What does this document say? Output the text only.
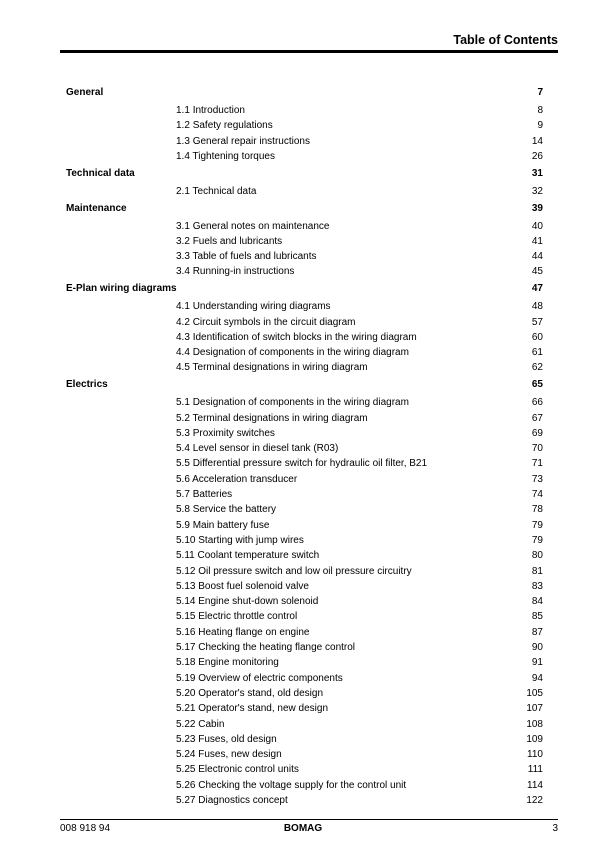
Table of Contents
General	7
1.1 Introduction	8
1.2 Safety regulations	9
1.3 General repair instructions	14
1.4 Tightening torques	26
Technical data	31
2.1 Technical data	32
Maintenance	39
3.1 General notes on maintenance	40
3.2 Fuels and lubricants	41
3.3 Table of fuels and lubricants	44
3.4 Running-in instructions	45
E-Plan wiring diagrams	47
4.1 Understanding wiring diagrams	48
4.2 Circuit symbols in the circuit diagram	57
4.3 Identification of switch blocks in the wiring diagram	60
4.4 Designation of components in the wiring diagram	61
4.5 Terminal designations in wiring diagram	62
Electrics	65
5.1 Designation of components in the wiring diagram	66
5.2 Terminal designations in wiring diagram	67
5.3 Proximity switches	69
5.4 Level sensor in diesel tank (R03)	70
5.5 Differential pressure switch for hydraulic oil filter, B21	71
5.6 Acceleration transducer	73
5.7 Batteries	74
5.8 Service the battery	78
5.9 Main battery fuse	79
5.10 Starting with jump wires	79
5.11 Coolant temperature switch	80
5.12 Oil pressure switch and low oil pressure circuitry	81
5.13 Boost fuel solenoid valve	83
5.14 Engine shut-down solenoid	84
5.15 Electric throttle control	85
5.16 Heating flange on engine	87
5.17 Checking the heating flange control	90
5.18 Engine monitoring	91
5.19 Overview of electric components	94
5.20 Operator's stand, old design	105
5.21 Operator's stand, new design	107
5.22 Cabin	108
5.23 Fuses, old design	109
5.24 Fuses, new design	110
5.25 Electronic control units	111
5.26 Checking the voltage supply for the control unit	114
5.27 Diagnostics concept	122
008 918 94	BOMAG	3
